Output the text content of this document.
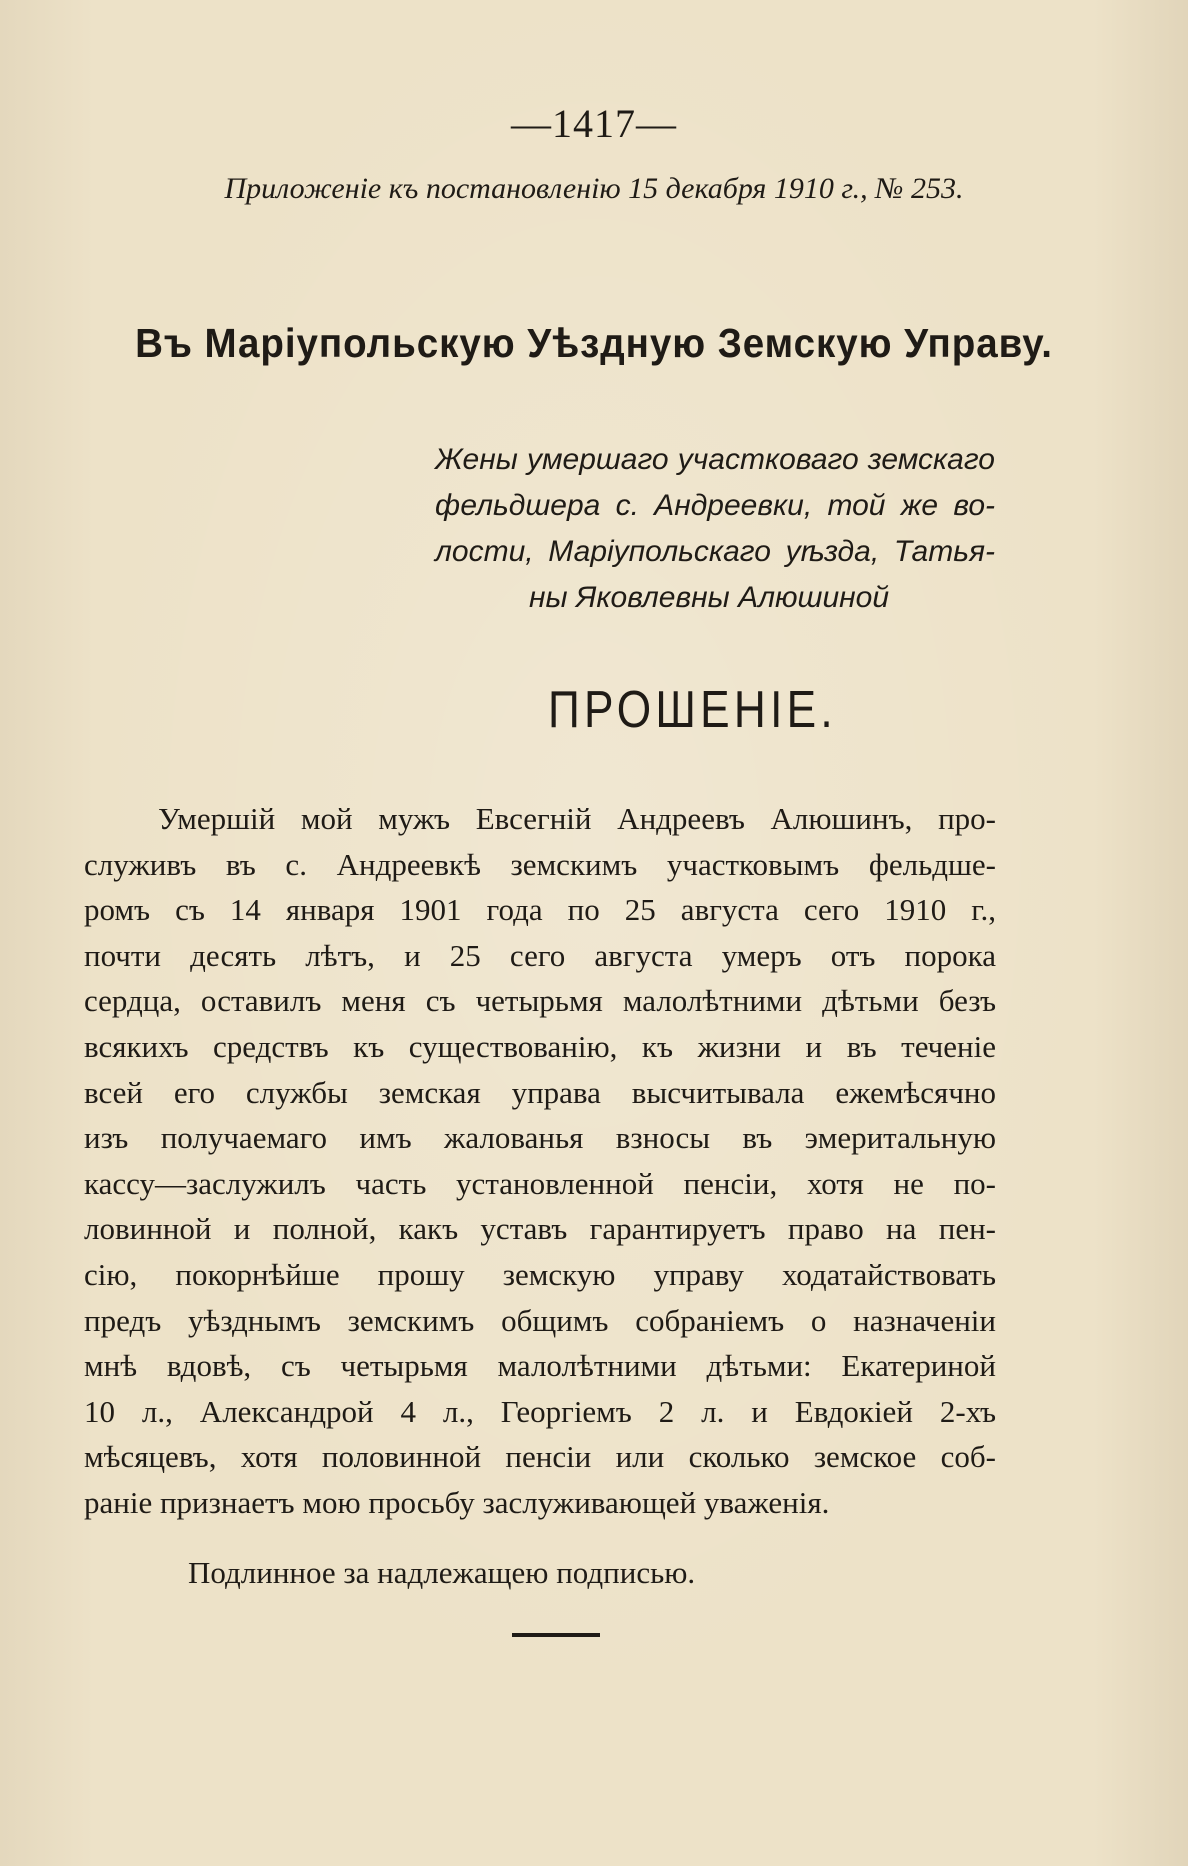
—1417—
Приложеніе къ постановленію 15 декабря 1910 г., № 253.
Въ Маріупольскую Уѣздную Земскую Управу.
Жены умершаго участковаго земскаго
фельдшера с. Андреевки, той же во-
лости, Маріупольскаго уѣзда, Татья-
ны Яковлевны Алюшиной
ПРОШЕНІЕ.
Умершій мой мужъ Евсегній Андреевъ Алюшинъ, про-
служивъ въ с. Андреевкѣ земскимъ участковымъ фельдше-
ромъ съ 14 января 1901 года по 25 августа сего 1910 г.,
почти десять лѣтъ, и 25 сего августа умеръ отъ порока
сердца, оставилъ меня съ четырьмя малолѣтними дѣтьми безъ
всякихъ средствъ къ существованію, къ жизни и въ теченіе
всей его службы земская управа высчитывала ежемѣсячно
изъ получаемаго имъ жалованья взносы въ эмеритальную
кассу—заслужилъ часть установленной пенсіи, хотя не по-
ловинной и полной, какъ уставъ гарантируетъ право на пен-
сію, покорнѣйше прошу земскую управу ходатайствовать
предъ уѣзднымъ земскимъ общимъ собраніемъ о назначеніи
мнѣ вдовѣ, съ четырьмя малолѣтними дѣтьми: Екатериной
10 л., Александрой 4 л., Георгіемъ 2 л. и Евдокіей 2-хъ
мѣсяцевъ, хотя половинной пенсіи или сколько земское соб-
раніе признаетъ мою просьбу заслуживающей уваженія.
Подлинное за надлежащею подписью.
